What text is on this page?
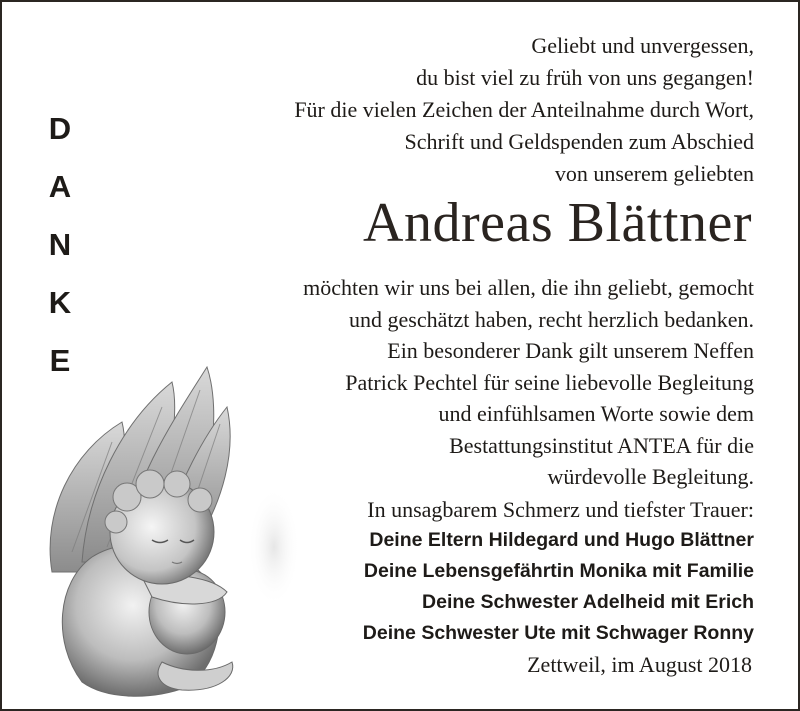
D
A
N
K
E
Geliebt und unvergessen,
du bist viel zu früh von uns gegangen!
Für die vielen Zeichen der Anteilnahme durch Wort,
Schrift und Geldspenden zum Abschied
von unserem geliebten
Andreas Blättner
möchten wir uns bei allen, die ihn geliebt, gemocht
und geschätzt haben, recht herzlich bedanken.
Ein besonderer Dank gilt unserem Neffen
Patrick Pechtel für seine liebevolle Begleitung
und einfühlsamen Worte sowie dem
Bestattungsinstitut ANTEA für die
würdevolle Begleitung.
In unsagbarem Schmerz und tiefster Trauer:
Deine Eltern Hildegard und Hugo Blättner
Deine Lebensgefährtin Monika mit Familie
Deine Schwester Adelheid mit Erich
Deine Schwester Ute mit Schwager Ronny
Zettweil, im August 2018
